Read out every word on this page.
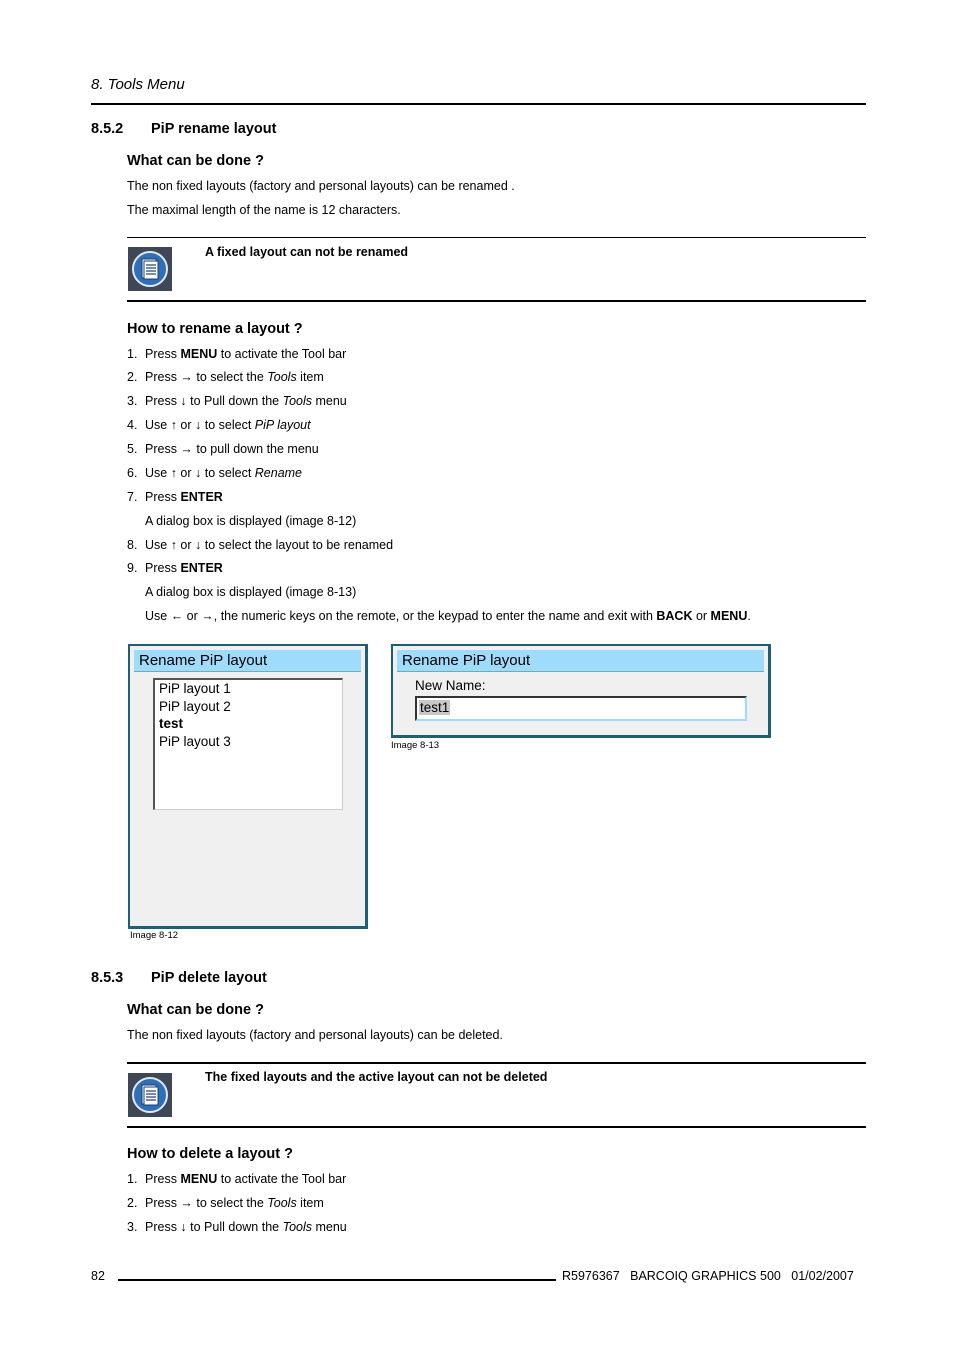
8. Tools Menu
8.5.2 PiP rename layout
What can be done ?
The non fixed layouts (factory and personal layouts) can be renamed .
The maximal length of the name is 12 characters.
A fixed layout can not be renamed
How to rename a layout ?
1. Press MENU to activate the Tool bar
2. Press → to select the Tools item
3. Press ↓ to Pull down the Tools menu
4. Use ↑ or ↓ to select PiP layout
5. Press → to pull down the menu
6. Use ↑ or ↓ to select Rename
7. Press ENTER
8. Use ↑ or ↓ to select the layout to be renamed
9. Press ENTER
Rename PiP layout
PiP layout 1
PiP layout 2
test
PiP layout 3
Image 8-12
Rename PiP layout
New Name:
test1
Image 8-13
8.5.3 PiP delete layout
What can be done ?
The non fixed layouts (factory and personal layouts) can be deleted.
The fixed layouts and the active layout can not be deleted
How to delete a layout ?
1. Press MENU to activate the Tool bar
2. Press → to select the Tools item
3. Press ↓ to Pull down the Tools menu
82	R5976367   BARCOIQ GRAPHICS 500   01/02/2007
A dialog box is displayed (image 8-12)
A dialog box is displayed (image 8-13)
Use ← or →, the numeric keys on the remote, or the keypad to enter the name and exit with BACK or MENU.
